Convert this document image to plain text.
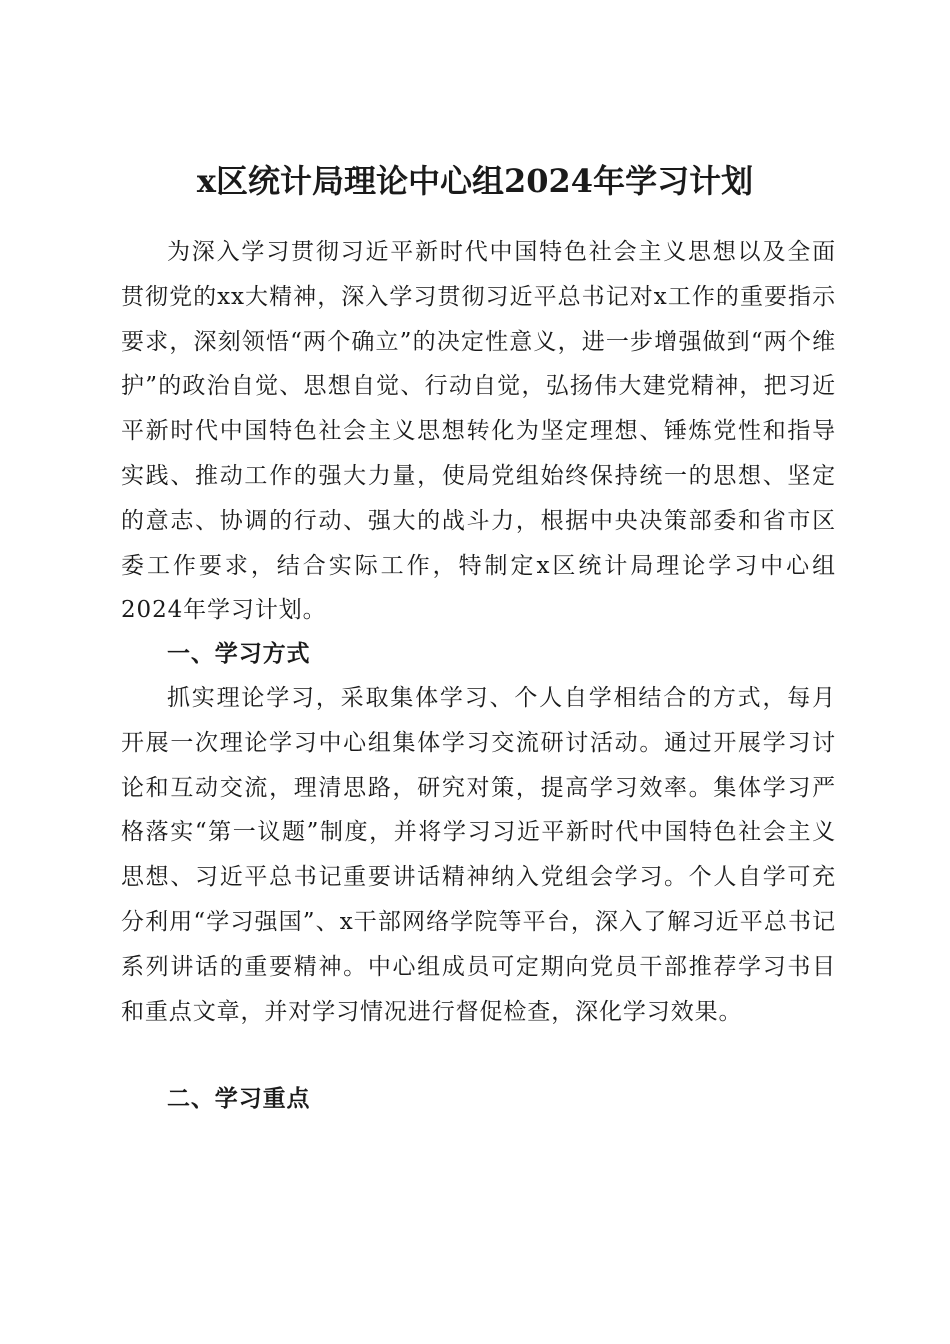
x区统计局理论中心组2024年学习计划

为深入学习贯彻习近平新时代中国特色社会主义思想以及全面贯彻党的xx大精神，深入学习贯彻习近平总书记对x工作的重要指示要求，深刻领悟“两个确立”的决定性意义，进一步增强做到“两个维护”的政治自觉、思想自觉、行动自觉，弘扬伟大建党精神，把习近平新时代中国特色社会主义思想转化为坚定理想、锤炼党性和指导实践、推动工作的强大力量，使局党组始终保持统一的思想、坚定的意志、协调的行动、强大的战斗力，根据中央决策部委和省市区委工作要求，结合实际工作，特制定x区统计局理论学习中心组2024年学习计划。

一、学习方式

抓实理论学习，采取集体学习、个人自学相结合的方式，每月开展一次理论学习中心组集体学习交流研讨活动。通过开展学习讨论和互动交流，理清思路，研究对策，提高学习效率。集体学习严格落实“第一议题”制度，并将学习习近平新时代中国特色社会主义思想、习近平总书记重要讲话精神纳入党组会学习。个人自学可充分利用“学习强国”、x干部网络学院等平台，深入了解习近平总书记系列讲话的重要精神。中心组成员可定期向党员干部推荐学习书目和重点文章，并对学习情况进行督促检查，深化学习效果。

二、学习重点
